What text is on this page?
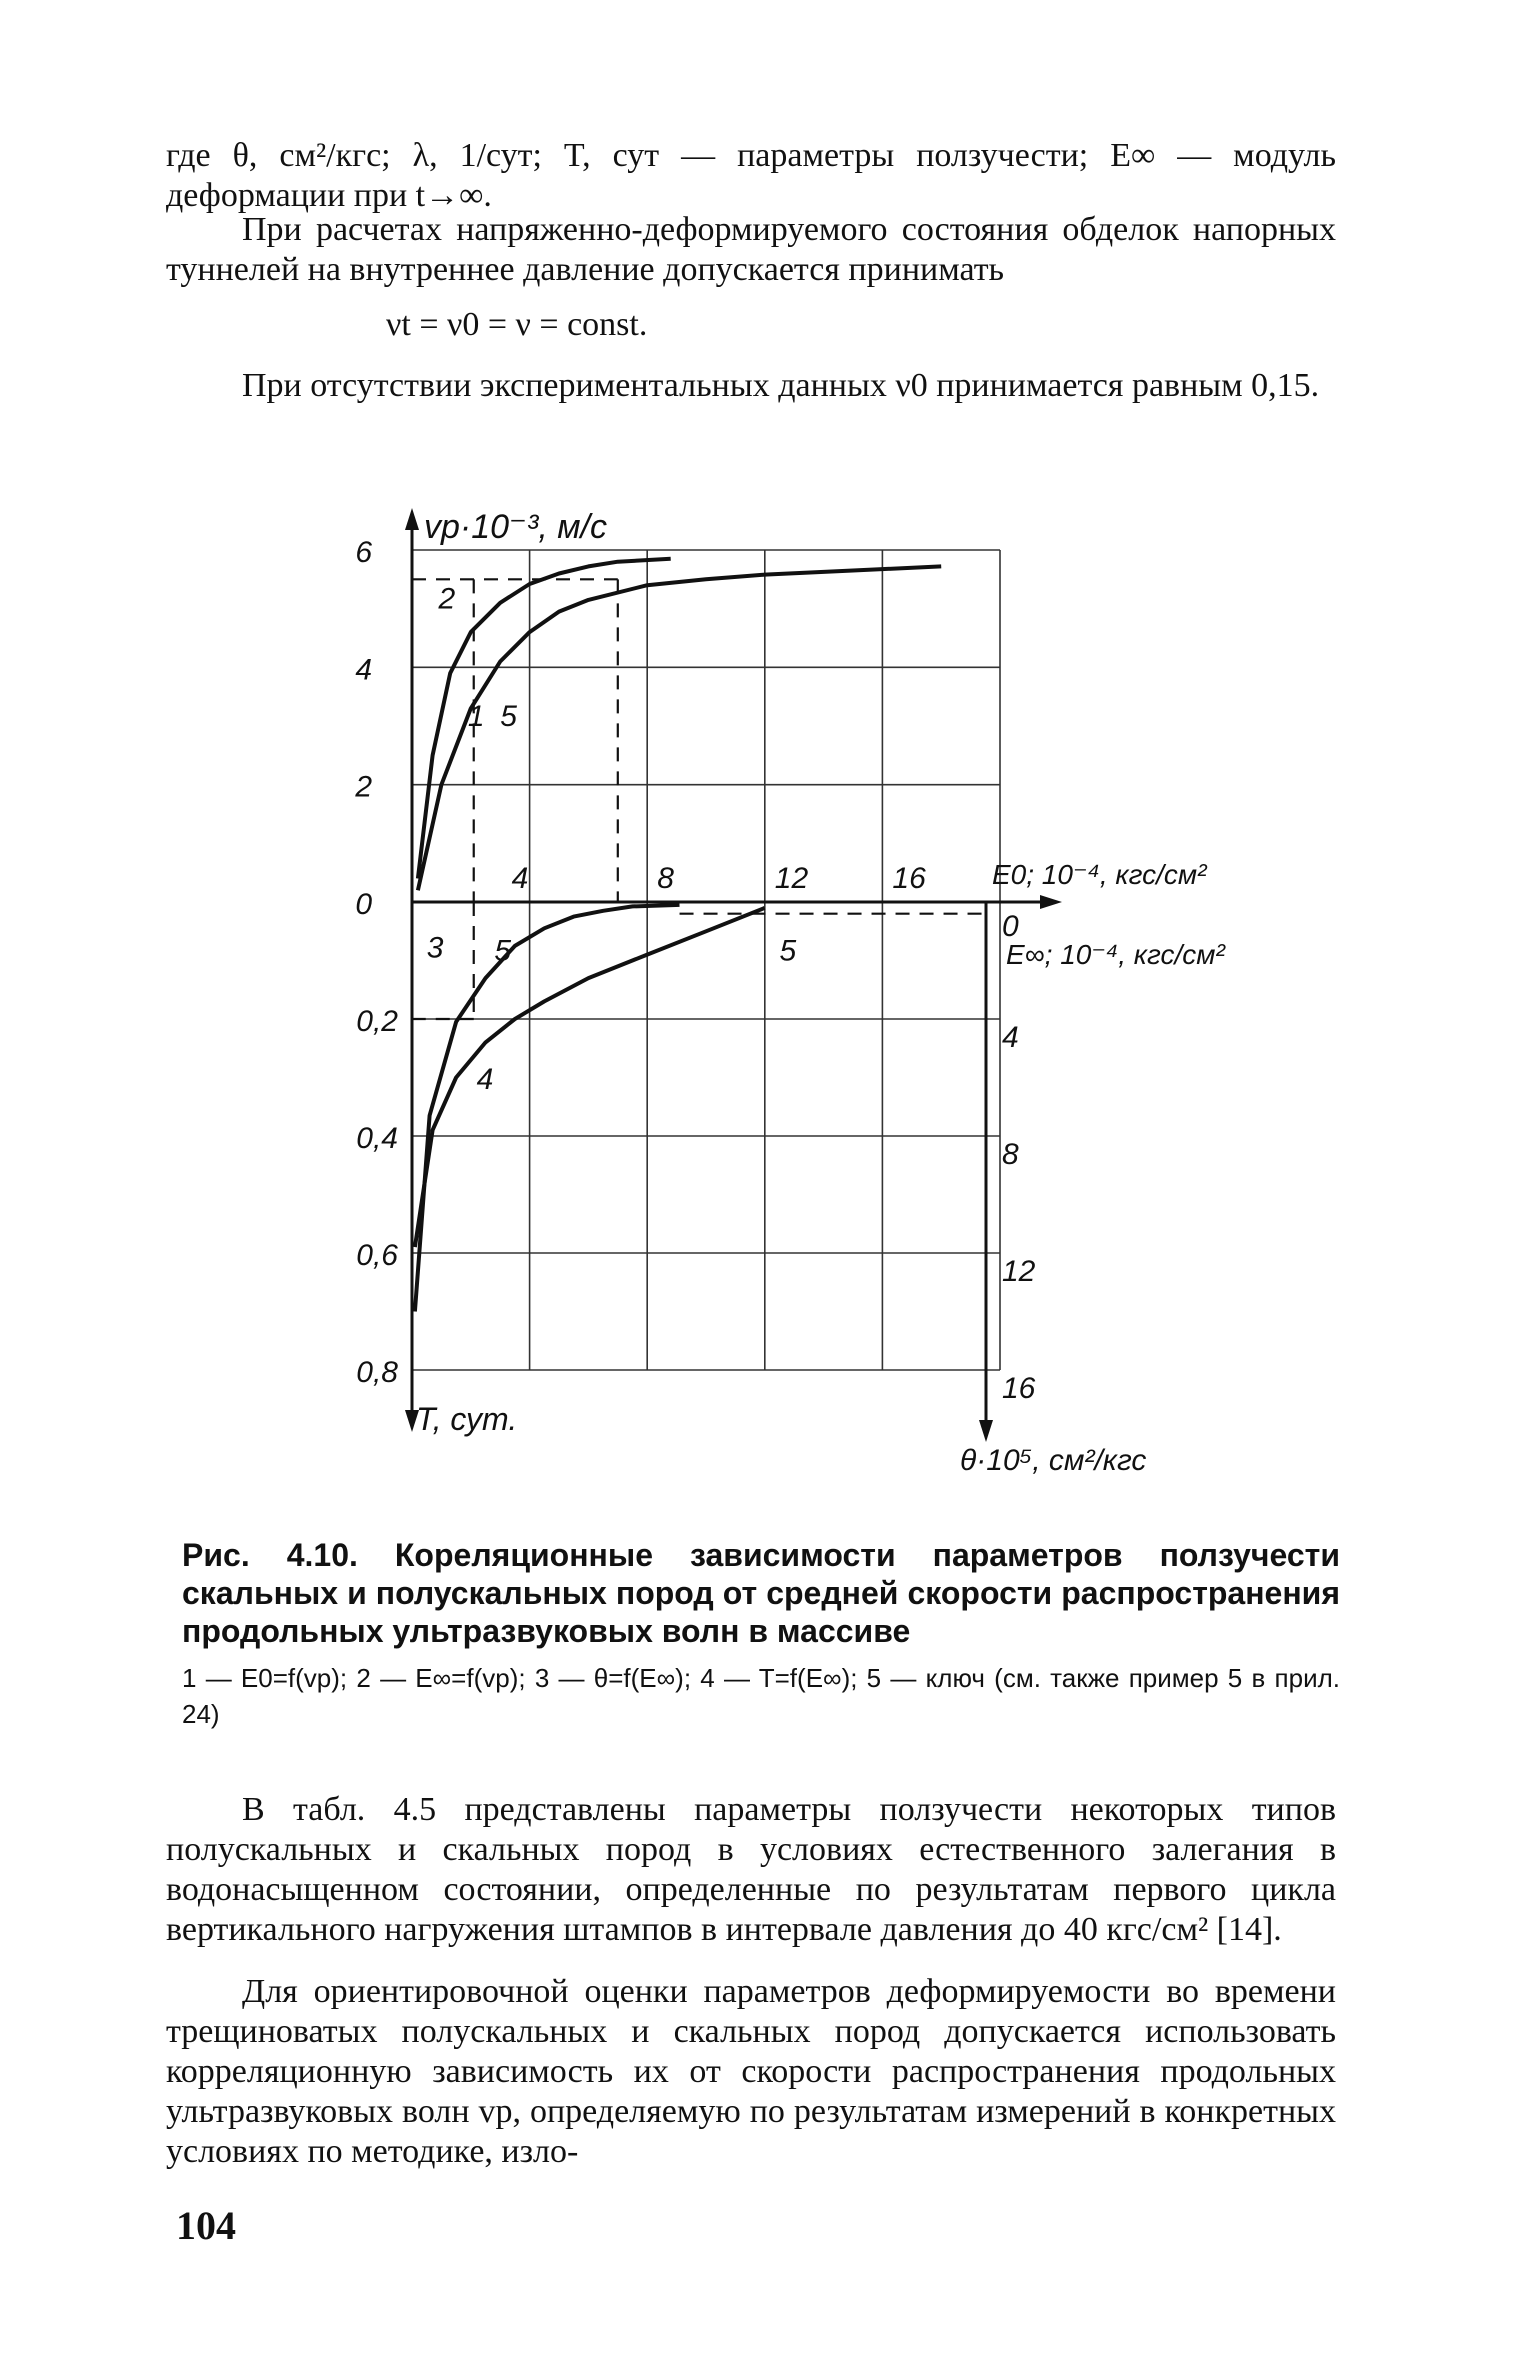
где θ, см²/кгс; λ, 1/сут; T, сут — параметры ползучести; E∞ — модуль деформации при t→∞.

При расчетах напряженно-деформируемого состояния обделок напорных туннелей на внутреннее давление допускается принимать

νt = ν0 = ν = const.

При отсутствии экспериментальных данных ν0 принимается равным 0,15.

6
4
2
0
4	8	12	16
vр·10⁻³, м/с
E0; 10⁻⁴, кгс/см²
E∞; 10⁻⁴, кгс/см²
0,2
0,4
0,6
0,8
0
4
8
12
16
T, сут.
θ·10⁵, см²/кгс
1
2
3
4
5
5	5

Рис. 4.10. Кореляционные зависимости параметров ползучести скальных и полускальных пород от средней скорости распространения продольных ультразвуковых волн в массиве

1 — E0=f(vр); 2 — E∞=f(vр); 3 — θ=f(E∞); 4 — T=f(E∞); 5 — ключ (см. также пример 5 в прил. 24)

В табл. 4.5 представлены параметры ползучести некоторых типов полускальных и скальных пород в условиях естественного залегания в водонасыщенном состоянии, определенные по результатам первого цикла вертикального нагружения штампов в интервале давления до 40 кгс/см² [14].

Для ориентировочной оценки параметров деформируемости во времени трещиноватых полускальных и скальных пород допускается использовать корреляционную зависимость их от скорости распространения продольных ультразвуковых волн vр, определяемую по результатам измерений в конкретных условиях по методике, изло-

104
